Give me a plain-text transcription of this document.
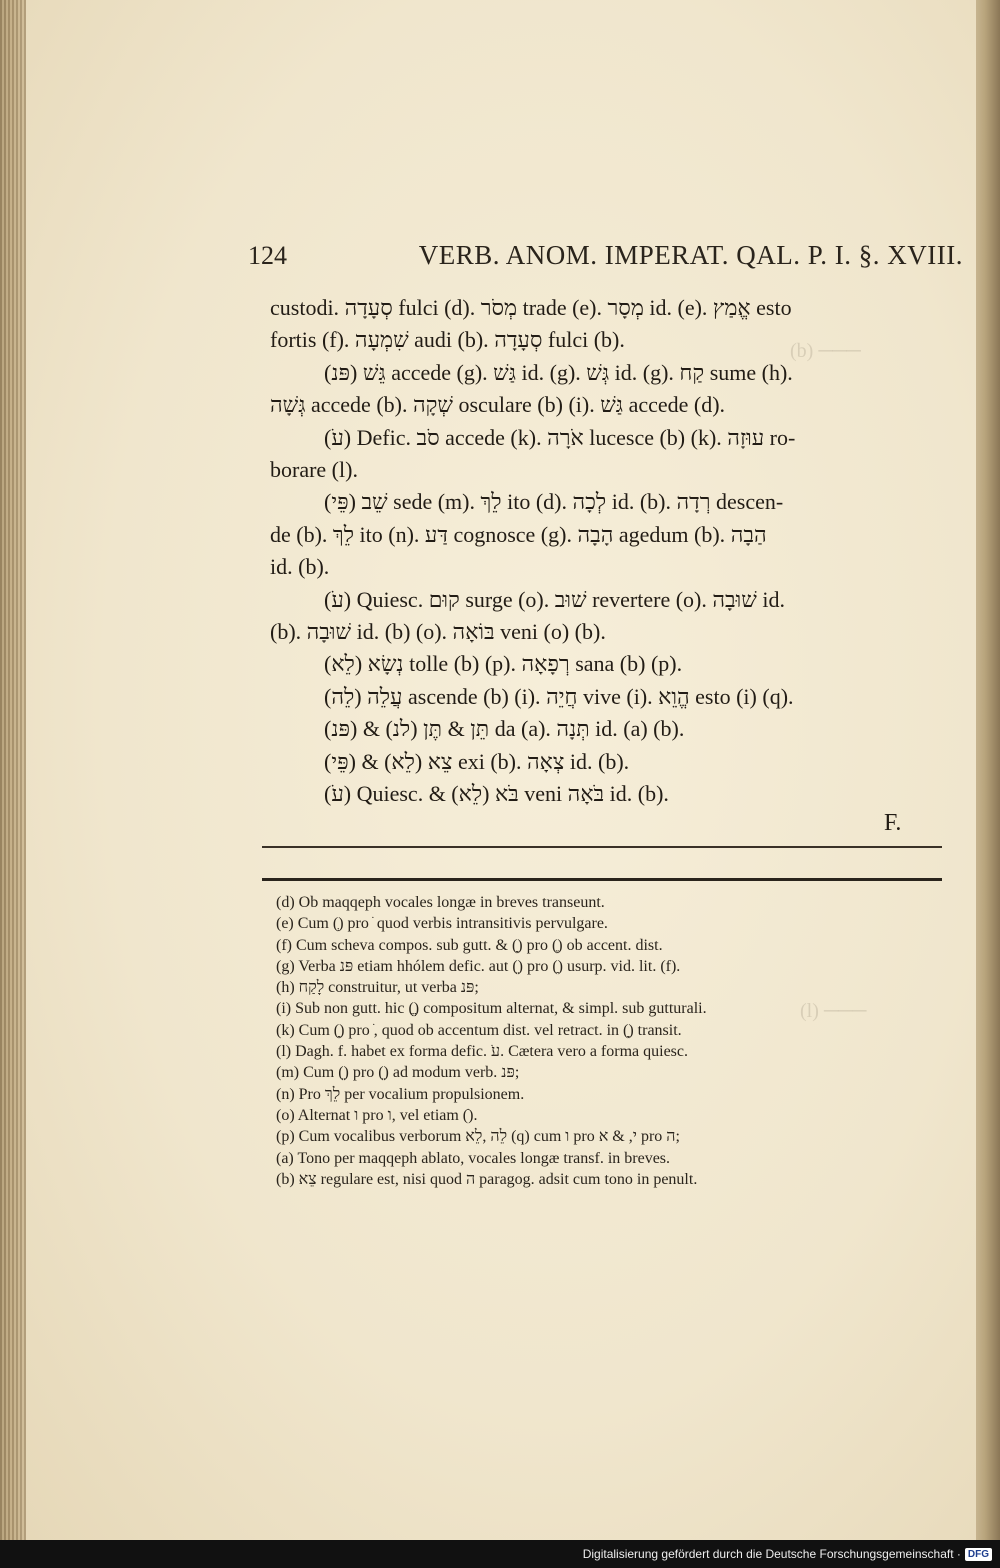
124	VERB. ANOM. IMPERAT. QAL. P. I. §. XVIII.

custodi. סְעָדָה fulci (d). מְסֹר trade (e). מְסָר id. (e). אֱמַץ esto

fortis (f). שִׁמְעָה audi (b). סְעָדָה fulci (b).

(פּנ) גֵּשׁ accede (g). גַּשׁ id. (g). גְּשׁ id. (g). קַח sume (h).

גְּשָׁה accede (b). שְׁקָה osculare (b) (i). גַּשׁ accede (d).

(עֹ) Defic. סֹב accede (k). אֹרָה lucesce (b) (k). עוּזָה ro-

borare (l).

(פֵּי) שֵׁב sede (m). לֵךְ ito (d). לְכָה id. (b). רְדָה descen-

de (b). לֵךְ ito (n). דַּע cognosce (g). הָבָה agedum (b). הַבָה

id. (b).

(עֹ) Quiesc. קוּם surge (o). שׁוּב revertere (o). שׁוּבָה id.

(b). שׁוּבָה id. (b) (o). בּוֹאָה veni (o) (b).

(לֵא) נְשָׂא tolle (b) (p). רְפָאָה sana (b) (p).

(לֵה) עֲלֵה ascende (b) (i). חֲיֵה vive (i). הֱוֵא esto (i) (q).

(פּנ) & (לנ) תֵּן & תֶּן da (a). תְּנָה id. (a) (b).

(פֵּי) & (לֵא) צֵא exi (b). צְאָה id. (b).

(עֹ) Quiesc. & (לֵא) בֹּא veni בֹּאָה id. (b).

F.

(d) Ob maqqeph vocales longæ in breves transeunt.

(e) Cum (ְ) pro ֹ quod verbis intransitivis pervulgare.

(f) Cum scheva compos. sub gutt. & (ָ) pro (ֶ) ob accent. dist.

(g) Verba פּנ etiam hhólem defic. aut (ֵ) pro (ַ) usurp. vid. lit. (f).

(h) לָקַח construitur, ut verba פּנ;

(i) Sub non gutt. hic (ֱ) compositum alternat, & simpl. sub gutturali.

(k) Cum (ָ) pro ֹ, quod ob accentum dist. vel retract. in (ָ) transit.

(l) Dagh. f. habet ex forma defic. עֹ. Cætera vero a forma quiesc.

(m) Cum (ֵ) pro (ֵ) ad modum verb. פּנ;

(n) Pro לֵךְ per vocalium propulsionem.

(o) Alternat ו pro ו, vel etiam (ֹ).

(p) Cum vocalibus verborum לֵה ,לֵא (q) cum ו pro י, & א pro ה;

(a) Tono per maqqeph ablato, vocales longæ transf. in breves.

(b) צֵא regulare est, nisi quod ה paragog. adsit cum tono in penult.

Digitalisierung gefördert durch die Deutsche Forschungsgemeinschaft · DFG
